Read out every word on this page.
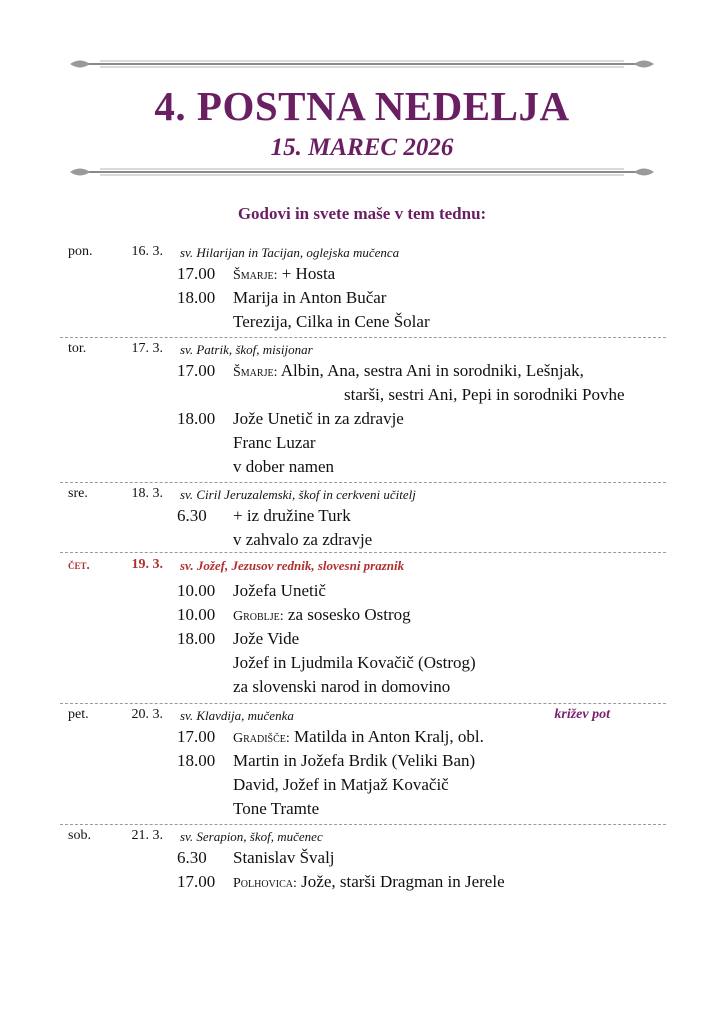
4. POSTNA NEDELJA
15. MAREC 2026
Godovi in svete maše v tem tednu:
pon.	16. 3. sv. Hilarijan in Tacijan, oglejska mučenca
17.00 Šmarje: + Hosta
18.00 Marija in Anton Bučar
Terezija, Cilka in Cene Šolar
tor.	17. 3. sv. Patrik, škof, misijonar
17.00 Šmarje: Albin, Ana, sestra Ani in sorodniki, Lešnjak,
starši, sestri Ani, Pepi in sorodniki Povhe
18.00 Jože Unetič in za zdravje
Franc Luzar
v dober namen
sre.	18. 3. sv. Ciril Jeruzalemski, škof in cerkveni učitelj
6.30 + iz družine Turk
v zahvalo za zdravje
čet.	19. 3. sv. Jožef, Jezusov rednik, slovesni praznik
10.00 Jožefa Unetič
10.00 Groblje: za sosesko Ostrog
18.00 Jože Vide
Jožef in Ljudmila Kovačič (Ostrog)
za slovenski narod in domovino
pet.	20. 3. sv. Klavdija, mučenka	križev pot
17.00 Gradišče: Matilda in Anton Kralj, obl.
18.00 Martin in Jožefa Brdik (Veliki Ban)
David, Jožef in Matjaž Kovačič
Tone Tramte
sob.	21. 3. sv. Serapion, škof, mučenec
6.30 Stanislav Švalj
17.00 Polhovica: Jože, starši Dragman in Jerele
